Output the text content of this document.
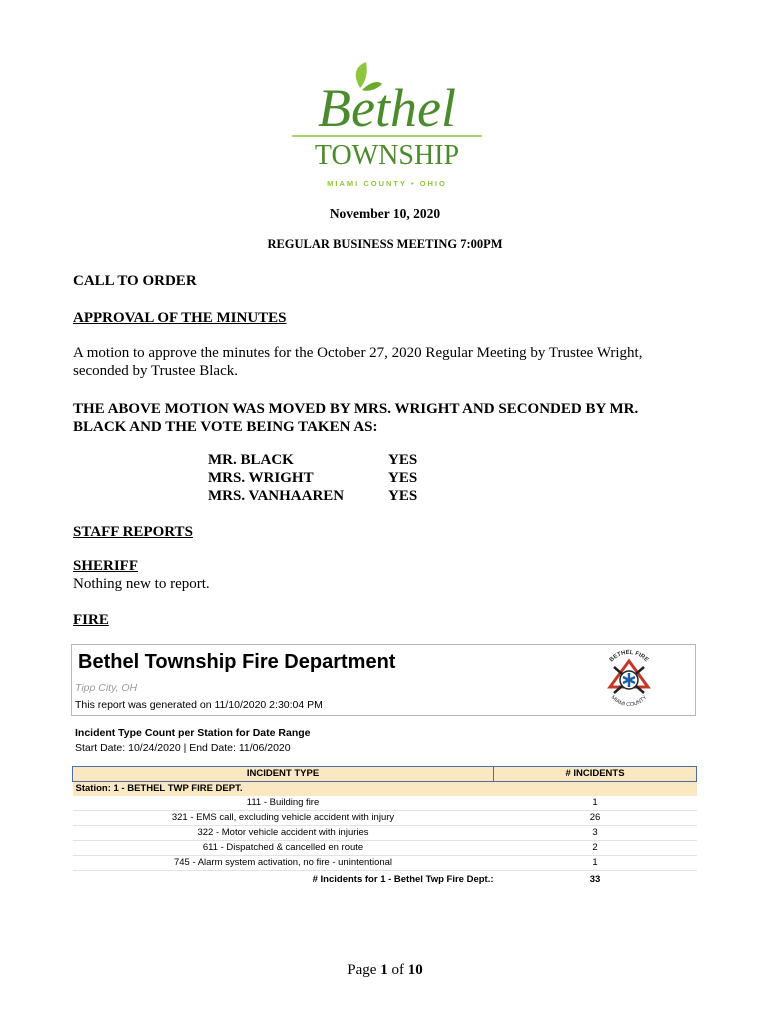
Bethel
TOWNSHIP
MIAMI COUNTY • OHIO
November 10, 2020
REGULAR BUSINESS MEETING 7:00PM
CALL TO ORDER
APPROVAL OF THE MINUTES
A motion to approve the minutes for the October 27, 2020 Regular Meeting by Trustee Wright, seconded by Trustee Black.
THE ABOVE MOTION WAS MOVED BY MRS. WRIGHT AND SECONDED BY MR. BLACK AND THE VOTE BEING TAKEN AS:
MR. BLACK	YES
MRS. WRIGHT	YES
MRS. VANHAAREN	YES
STAFF REPORTS
SHERIFF
Nothing new to report.
FIRE
Bethel Township Fire Department
Tipp City, OH
This report was generated on 11/10/2020 2:30:04 PM
BETHEL FIRE
MIAMI COUNTY
Incident Type Count per Station for Date Range
Start Date: 10/24/2020 | End Date: 11/06/2020
INCIDENT TYPE	# INCIDENTS
Station: 1 - BETHEL TWP FIRE DEPT.	
111 - Building fire	1
321 - EMS call, excluding vehicle accident with injury	26
322 - Motor vehicle accident with injuries	3
611 - Dispatched & cancelled en route	2
745 - Alarm system activation, no fire - unintentional	1
# Incidents for 1 - Bethel Twp Fire Dept.:	33
Page 1 of 10
